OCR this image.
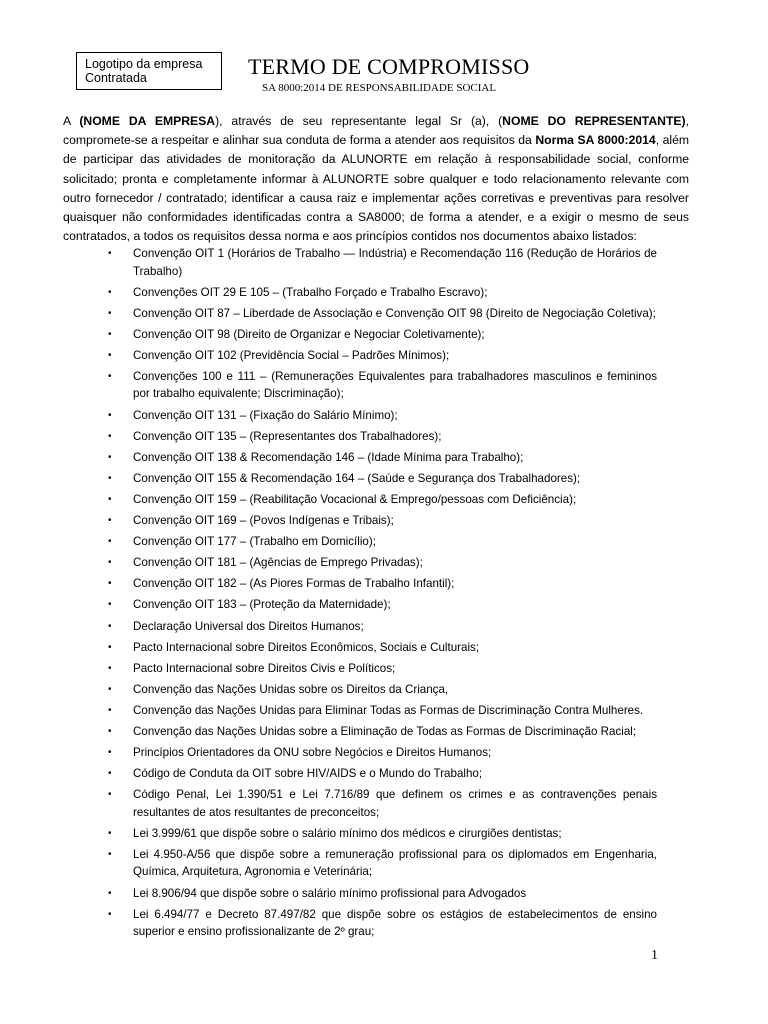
Logotipo da empresa
Contratada	TERMO DE COMPROMISSO
SA 8000:2014 DE RESPONSABILIDADE SOCIAL

A (NOME DA EMPRESA), através de seu representante legal Sr (a), (NOME DO REPRESENTANTE), compromete-se a respeitar e alinhar sua conduta de forma a atender aos requisitos da Norma SA 8000:2014, além de participar das atividades de monitoração da ALUNORTE em relação à responsabilidade social, conforme solicitado; pronta e completamente informar à ALUNORTE sobre qualquer e todo relacionamento relevante com outro fornecedor / contratado; identificar a causa raiz e implementar ações corretivas e preventivas para resolver quaisquer não conformidades identificadas contra a SA8000; de forma a atender, e a exigir o mesmo de seus contratados, a todos os requisitos dessa norma e aos princípios contidos nos documentos abaixo listados:

• Convenção OIT 1 (Horários de Trabalho — Indústria) e Recomendação 116 (Redução de Horários de Trabalho)
• Convenções OIT 29 E 105 – (Trabalho Forçado e Trabalho Escravo);
• Convenção OIT 87 – Liberdade de Associação e Convenção OIT 98 (Direito de Negociação Coletiva);
• Convenção OIT 98 (Direito de Organizar e Negociar Coletivamente);
• Convenção OIT 102 (Previdência Social – Padrões Mínimos);
• Convenções 100 e 111 – (Remunerações Equivalentes para trabalhadores masculinos e femininos por trabalho equivalente; Discriminação);
• Convenção OIT 131 – (Fixação do Salário Mínimo);
• Convenção OIT 135 – (Representantes dos Trabalhadores);
• Convenção OIT 138 & Recomendação 146 – (Idade Mínima para Trabalho);
• Convenção OIT 155 & Recomendação 164 – (Saúde e Segurança dos Trabalhadores);
• Convenção OIT 159 – (Reabilitação Vocacional & Emprego/pessoas com Deficiência);
• Convenção OIT 169 – (Povos Indígenas e Tribais);
• Convenção OIT 177 – (Trabalho em Domicílio);
• Convenção OIT 181 – (Agências de Emprego Privadas);
• Convenção OIT 182 – (As Piores Formas de Trabalho Infantil);
• Convenção OIT 183 – (Proteção da Maternidade);
• Declaração Universal dos Direitos Humanos;
• Pacto Internacional sobre Direitos Econômicos, Sociais e Culturais;
• Pacto Internacional sobre Direitos Civis e Políticos;
• Convenção das Nações Unidas sobre os Direitos da Criança,
• Convenção das Nações Unidas para Eliminar Todas as Formas de Discriminação Contra Mulheres.
• Convenção das Nações Unidas sobre a Eliminação de Todas as Formas de Discriminação Racial;
• Princípios Orientadores da ONU sobre Negócios e Direitos Humanos;
• Código de Conduta da OIT sobre HIV/AIDS e o Mundo do Trabalho;
• Código Penal, Lei 1.390/51 e Lei 7.716/89 que definem os crimes e as contravenções penais resultantes de atos resultantes de preconceitos;
• Lei 3.999/61 que dispõe sobre o salário mínimo dos médicos e cirurgiões dentistas;
• Lei 4.950-A/56 que dispõe sobre a remuneração profissional para os diplomados em Engenharia, Química, Arquitetura, Agronomia e Veterinária;
• Lei 8.906/94 que dispõe sobre o salário mínimo profissional para Advogados
• Lei 6.494/77 e Decreto 87.497/82 que dispõe sobre os estágios de estabelecimentos de ensino superior e ensino profissionalizante de 2º grau;
1
